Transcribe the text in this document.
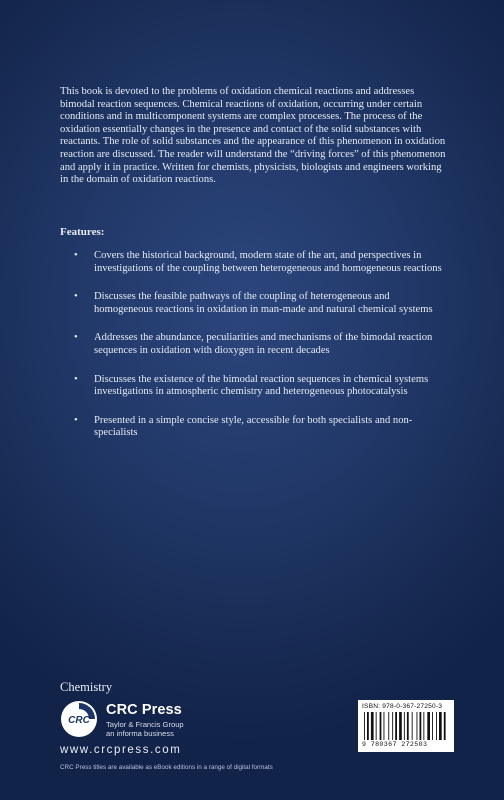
This book is devoted to the problems of oxidation chemical reactions and addresses bimodal reaction sequences. Chemical reactions of oxidation, occurring under certain conditions and in multicomponent systems are complex processes. The process of the oxidation essentially changes in the presence and contact of the solid substances with reactants. The role of solid substances and the appearance of this phenomenon in oxidation reaction are discussed. The reader will understand the “driving forces” of this phenomenon and apply it in practice. Written for chemists, physicists, biologists and engineers working in the domain of oxidation reactions.

Features:

• Covers the historical background, modern state of the art, and perspectives in investigations of the coupling between heterogeneous and homogeneous reactions
• Discusses the feasible pathways of the coupling of heterogeneous and homogeneous reactions in oxidation in man-made and natural chemical systems
• Addresses the abundance, peculiarities and mechanisms of the bimodal reaction sequences in oxidation with dioxygen in recent decades
• Discusses the existence of the bimodal reaction sequences in chemical systems investigations in atmospheric chemistry and heterogeneous photocatalysis
• Presented in a simple concise style, accessible for both specialists and non-specialists

Chemistry

CRC
CRC Press
Taylor & Francis Group
an informa business
www.crcpress.com
ISBN: 978-0-367-27250-3
9 780367 272503
CRC Press titles are available as eBook editions in a range of digital formats
